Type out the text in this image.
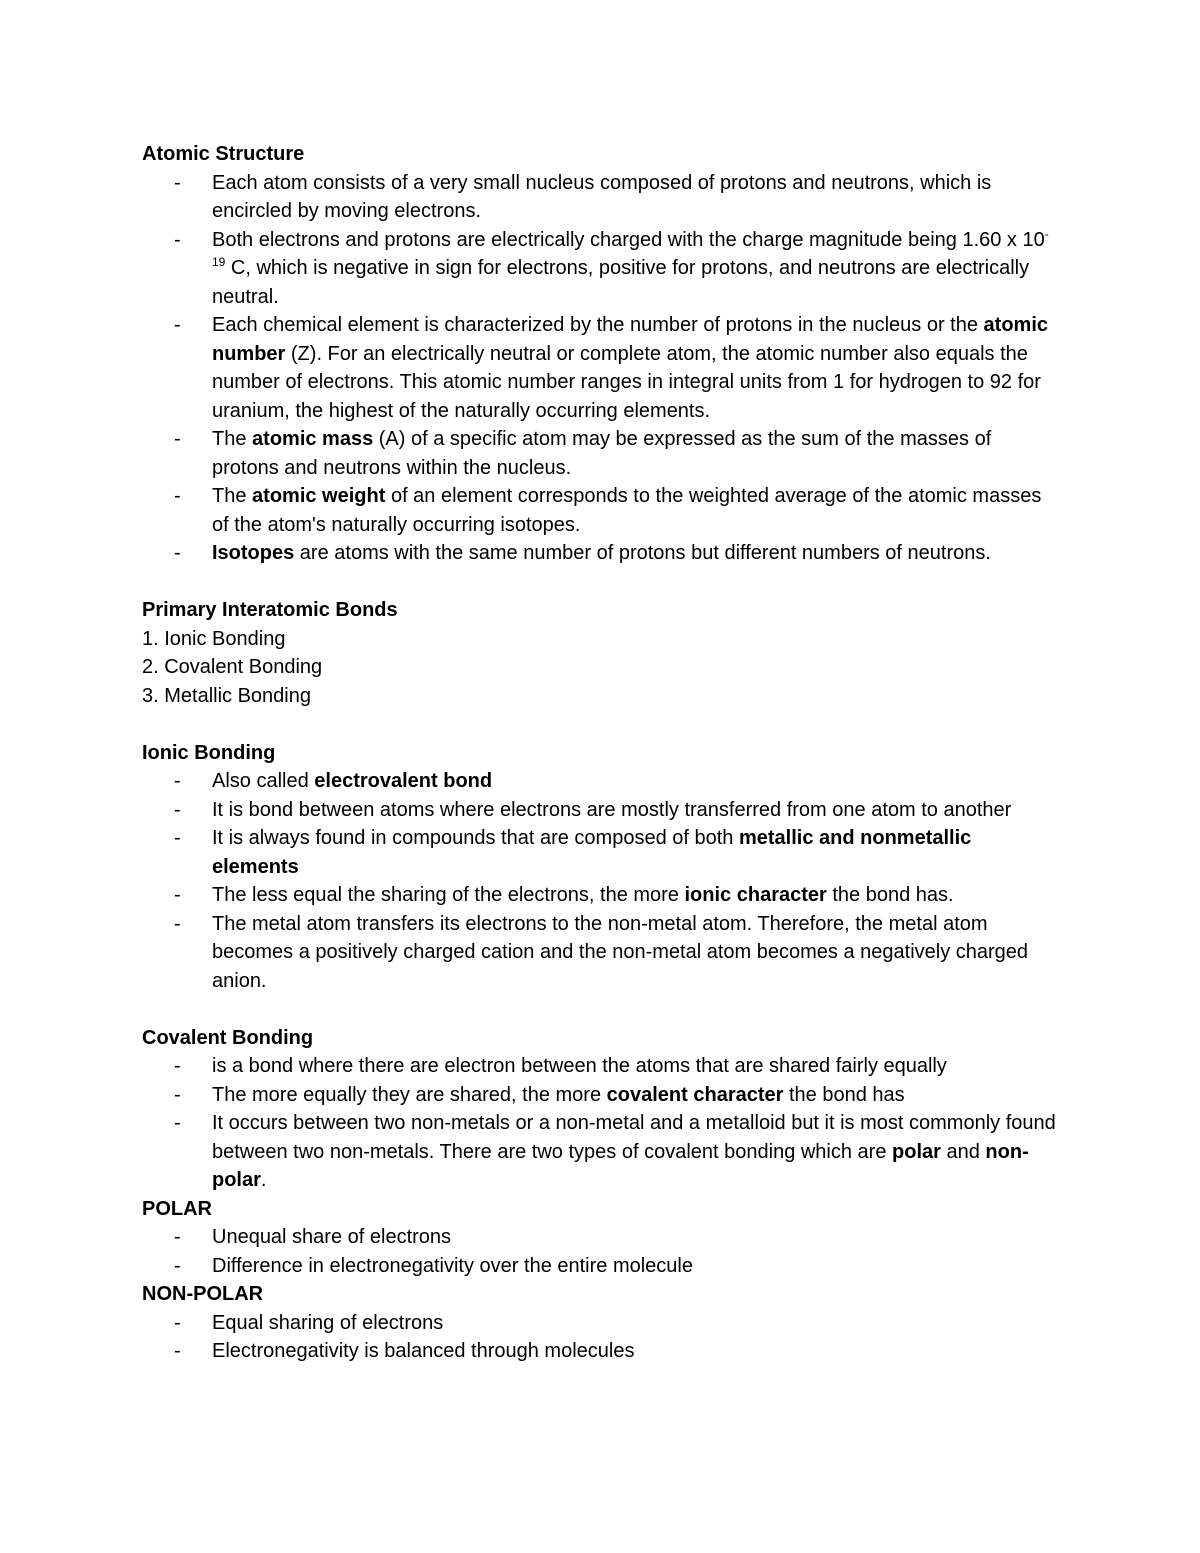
Atomic Structure

- Each atom consists of a very small nucleus composed of protons and neutrons, which is encircled by moving electrons.
- Both electrons and protons are electrically charged with the charge magnitude being 1.60 x $10^{-19}$ C, which is negative in sign for electrons, positive for protons, and neutrons are electrically neutral.
- Each chemical element is characterized by the number of protons in the nucleus or the atomic number (Z). For an electrically neutral or complete atom, the atomic number also equals the number of electrons. This atomic number ranges in integral units from 1 for hydrogen to 92 for uranium, the highest of the naturally occurring elements.
- The atomic mass (A) of a specific atom may be expressed as the sum of the masses of protons and neutrons within the nucleus.
- The atomic weight of an element corresponds to the weighted average of the atomic masses of the atom's naturally occurring isotopes.
- Isotopes are atoms with the same number of protons but different numbers of neutrons.

Primary Interatomic Bonds

1. Ionic Bonding
2. Covalent Bonding
3. Metallic Bonding

Ionic Bonding

- Also called electrovalent bond
- It is bond between atoms where electrons are mostly transferred from one atom to another
- It is always found in compounds that are composed of both metallic and nonmetallic elements
- The less equal the sharing of the electrons, the more ionic character the bond has.
- The metal atom transfers its electrons to the non-metal atom. Therefore, the metal atom becomes a positively charged cation and the non-metal atom becomes a negatively charged anion.

Covalent Bonding

- is a bond where there are electron between the atoms that are shared fairly equally
- The more equally they are shared, the more covalent character the bond has
- It occurs between two non-metals or a non-metal and a metalloid but it is most commonly found between two non-metals. There are two types of covalent bonding which are polar and non-polar.

POLAR

- Unequal share of electrons
- Difference in electronegativity over the entire molecule

NON-POLAR

- Equal sharing of electrons
- Electronegativity is balanced through molecules
